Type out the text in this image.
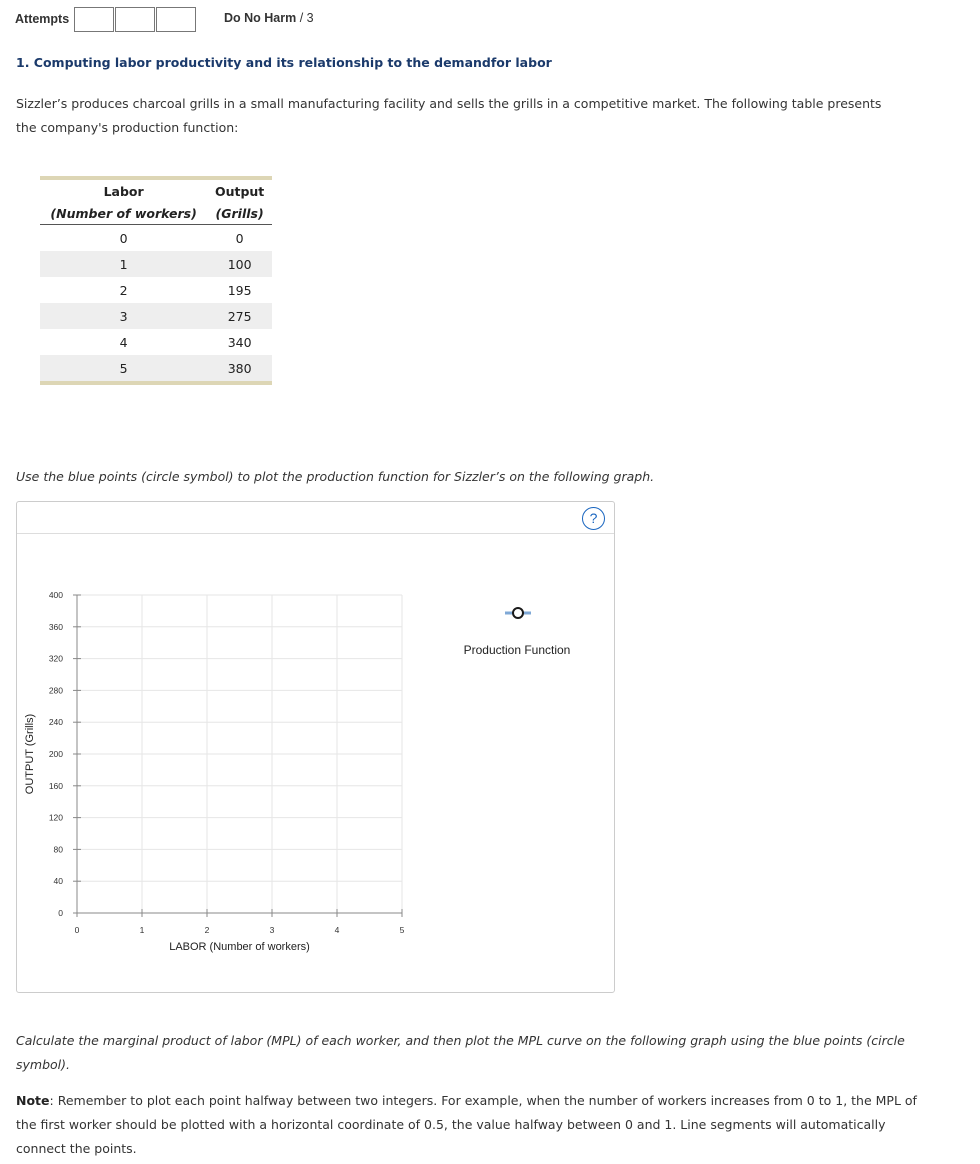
Attempts	Do No Harm / 3
1. Computing labor productivity and its relationship to the demandfor labor
Sizzler’s produces charcoal grills in a small manufacturing facility and sells the grills in a competitive market. The following table presents the company's production function:

Labor	Output
(Number of workers)	(Grills)
0	0
1	100
2	195
3	275
4	340
5	380

Use the blue points (circle symbol) to plot the production function for Sizzler’s on the following graph.
?
0	1	2	3	4	5
0
40
80
120
160
200
240
280
320
360
400
LABOR (Number of workers)
OUTPUT (Grills)
Production Function
Calculate the marginal product of labor (MPL) of each worker, and then plot the MPL curve on the following graph using the blue points (circle symbol).
Note: Remember to plot each point halfway between two integers. For example, when the number of workers increases from 0 to 1, the MPL of the first worker should be plotted with a horizontal coordinate of 0.5, the value halfway between 0 and 1. Line segments will automatically connect the points.
